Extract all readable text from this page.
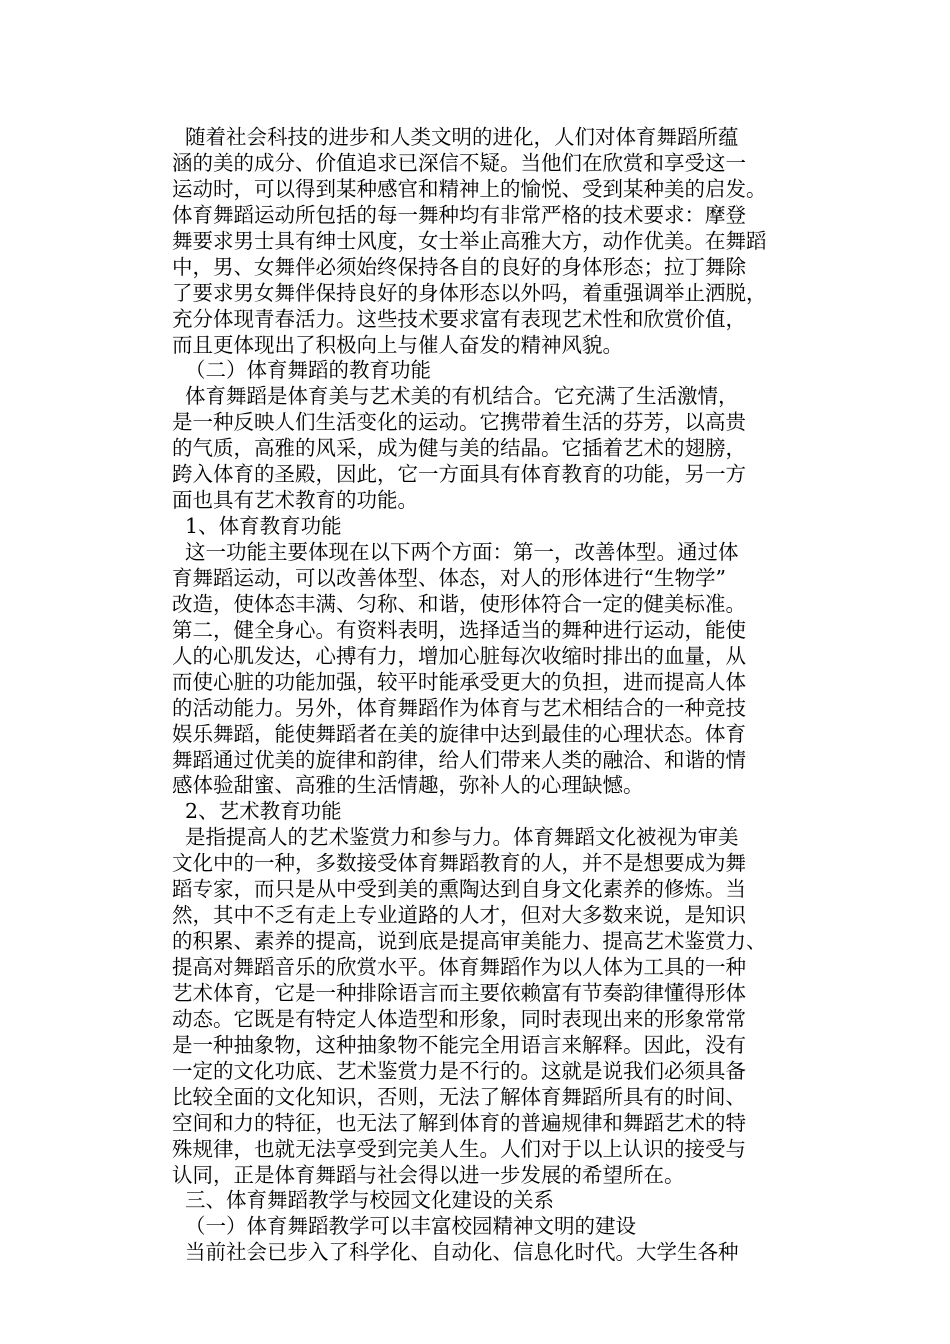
随着社会科技的进步和人类文明的进化，人们对体育舞蹈所蕴
涵的美的成分、价值追求已深信不疑。当他们在欣赏和享受这一
运动时，可以得到某种感官和精神上的愉悦、受到某种美的启发。
体育舞蹈运动所包括的每一舞种均有非常严格的技术要求：摩登
舞要求男士具有绅士风度，女士举止高雅大方，动作优美。在舞蹈
中，男、女舞伴必须始终保持各自的良好的身体形态；拉丁舞除
了要求男女舞伴保持良好的身体形态以外吗，着重强调举止洒脱，
充分体现青春活力。这些技术要求富有表现艺术性和欣赏价值，
而且更体现出了积极向上与催人奋发的精神风貌。
（二）体育舞蹈的教育功能
体育舞蹈是体育美与艺术美的有机结合。它充满了生活激情，
是一种反映人们生活变化的运动。它携带着生活的芬芳，以高贵
的气质，高雅的风采，成为健与美的结晶。它插着艺术的翅膀，
跨入体育的圣殿，因此，它一方面具有体育教育的功能，另一方
面也具有艺术教育的功能。
1、体育教育功能
这一功能主要体现在以下两个方面：第一，改善体型。通过体
育舞蹈运动，可以改善体型、体态，对人的形体进行“生物学”
改造，使体态丰满、匀称、和谐，使形体符合一定的健美标准。
第二，健全身心。有资料表明，选择适当的舞种进行运动，能使
人的心肌发达，心搏有力，增加心脏每次收缩时排出的血量，从
而使心脏的功能加强，较平时能承受更大的负担，进而提高人体
的活动能力。另外，体育舞蹈作为体育与艺术相结合的一种竞技
娱乐舞蹈，能使舞蹈者在美的旋律中达到最佳的心理状态。体育
舞蹈通过优美的旋律和韵律，给人们带来人类的融洽、和谐的情
感体验甜蜜、高雅的生活情趣，弥补人的心理缺憾。
2、艺术教育功能
是指提高人的艺术鉴赏力和参与力。体育舞蹈文化被视为审美
文化中的一种，多数接受体育舞蹈教育的人，并不是想要成为舞
蹈专家，而只是从中受到美的熏陶达到自身文化素养的修炼。当
然，其中不乏有走上专业道路的人才，但对大多数来说，是知识
的积累、素养的提高，说到底是提高审美能力、提高艺术鉴赏力、
提高对舞蹈音乐的欣赏水平。体育舞蹈作为以人体为工具的一种
艺术体育，它是一种排除语言而主要依赖富有节奏韵律懂得形体
动态。它既是有特定人体造型和形象，同时表现出来的形象常常
是一种抽象物，这种抽象物不能完全用语言来解释。因此，没有
一定的文化功底、艺术鉴赏力是不行的。这就是说我们必须具备
比较全面的文化知识，否则，无法了解体育舞蹈所具有的时间、
空间和力的特征，也无法了解到体育的普遍规律和舞蹈艺术的特
殊规律，也就无法享受到完美人生。人们对于以上认识的接受与
认同，正是体育舞蹈与社会得以进一步发展的希望所在。
三、体育舞蹈教学与校园文化建设的关系
（一）体育舞蹈教学可以丰富校园精神文明的建设
当前社会已步入了科学化、自动化、信息化时代。大学生各种
